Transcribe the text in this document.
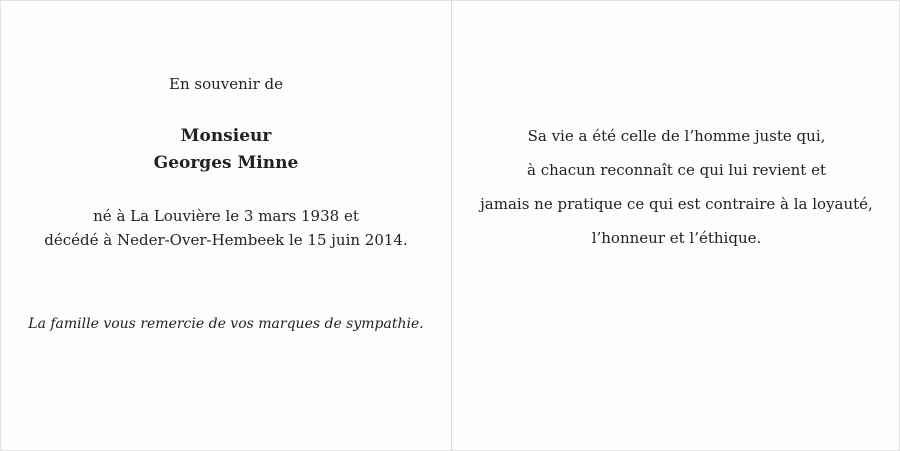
En souvenir de
Monsieur
Georges Minne
né à La Louvière le 3 mars 1938 et
décédé à Neder-Over-Hembeek le 15 juin 2014.
La famille vous remercie de vos marques de sympathie.
Sa vie a été celle de l’homme juste qui,
à chacun reconnaît ce qui lui revient et
jamais ne pratique ce qui est contraire à la loyauté,
l’honneur et l’éthique.
